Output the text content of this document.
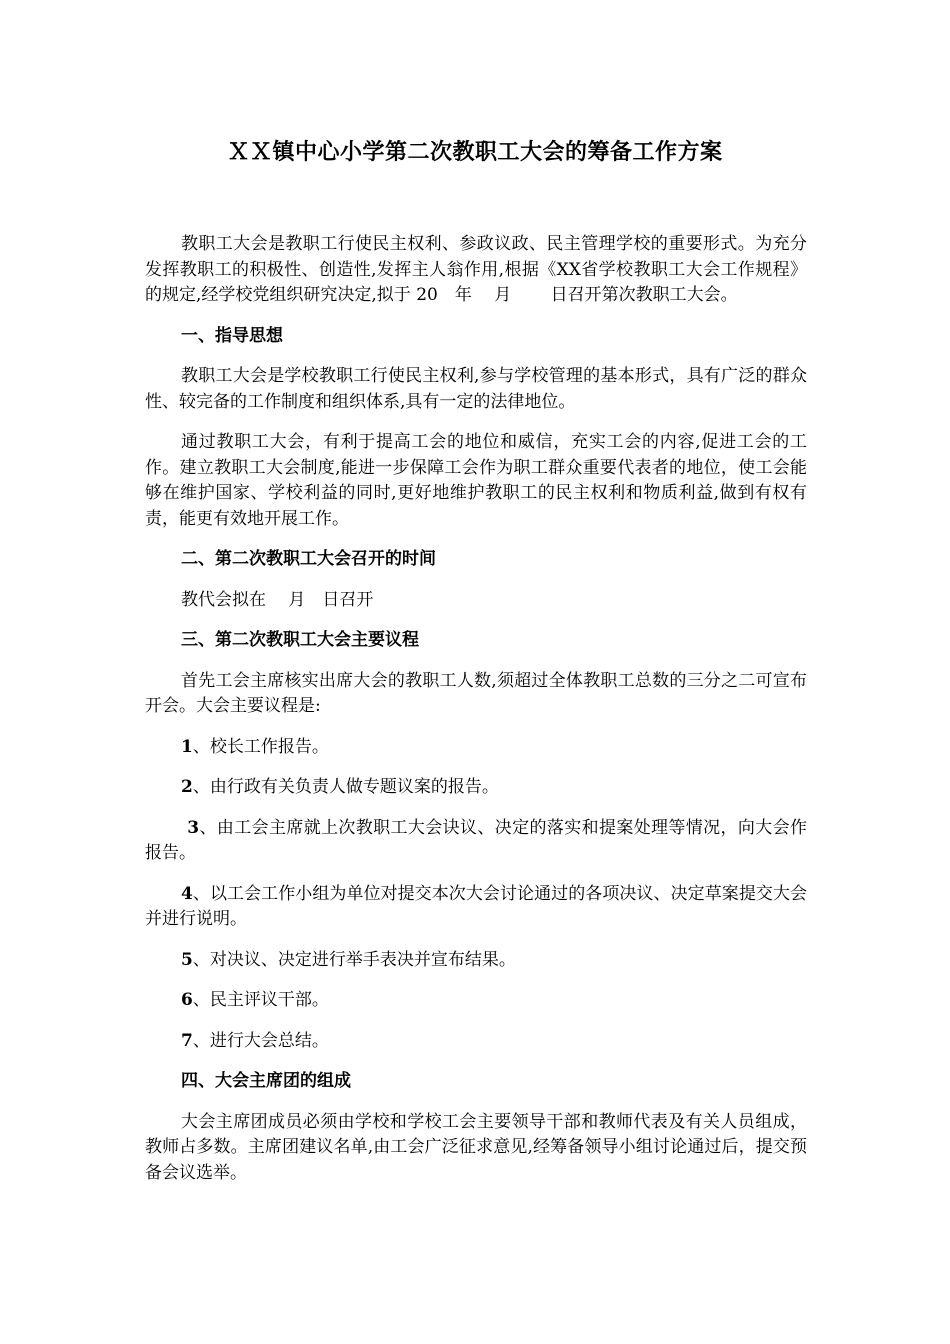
ＸＸ镇中心小学第二次教职工大会的筹备工作方案

教职工大会是教职工行使民主权利、参政议政、民主管理学校的重要形式。为充分发挥教职工的积极性、创造性,发挥主人翁作用,根据《XX省学校教职工大会工作规程》的规定,经学校党组织研究决定,拟于 20　年　 月　　 日召开第次教职工大会。

一、指导思想

教职工大会是学校教职工行使民主权利,参与学校管理的基本形式，具有广泛的群众性、较完备的工作制度和组织体系,具有一定的法律地位。

通过教职工大会，有利于提高工会的地位和威信，充实工会的内容,促进工会的工作。建立教职工大会制度,能进一步保障工会作为职工群众重要代表者的地位，使工会能够在维护国家、学校利益的同时,更好地维护教职工的民主权利和物质利益,做到有权有责，能更有效地开展工作。

二、第二次教职工大会召开的时间

教代会拟在　 月　日召开

三、第二次教职工大会主要议程

首先工会主席核实出席大会的教职工人数,须超过全体教职工总数的三分之二可宣布开会。大会主要议程是:

1、校长工作报告。

2、由行政有关负责人做专题议案的报告。

3、由工会主席就上次教职工大会诀议、决定的落实和提案处理等情况，向大会作报告。

4、以工会工作小组为单位对提交本次大会讨论通过的各项决议、决定草案提交大会并进行说明。

5、对决议、决定进行举手表决并宣布结果。

6、民主评议干部。

7、进行大会总结。

四、大会主席团的组成

大会主席团成员必须由学校和学校工会主要领导干部和教师代表及有关人员组成，教师占多数。主席团建议名单,由工会广泛征求意见,经筹备领导小组讨论通过后，提交预备会议选举。
